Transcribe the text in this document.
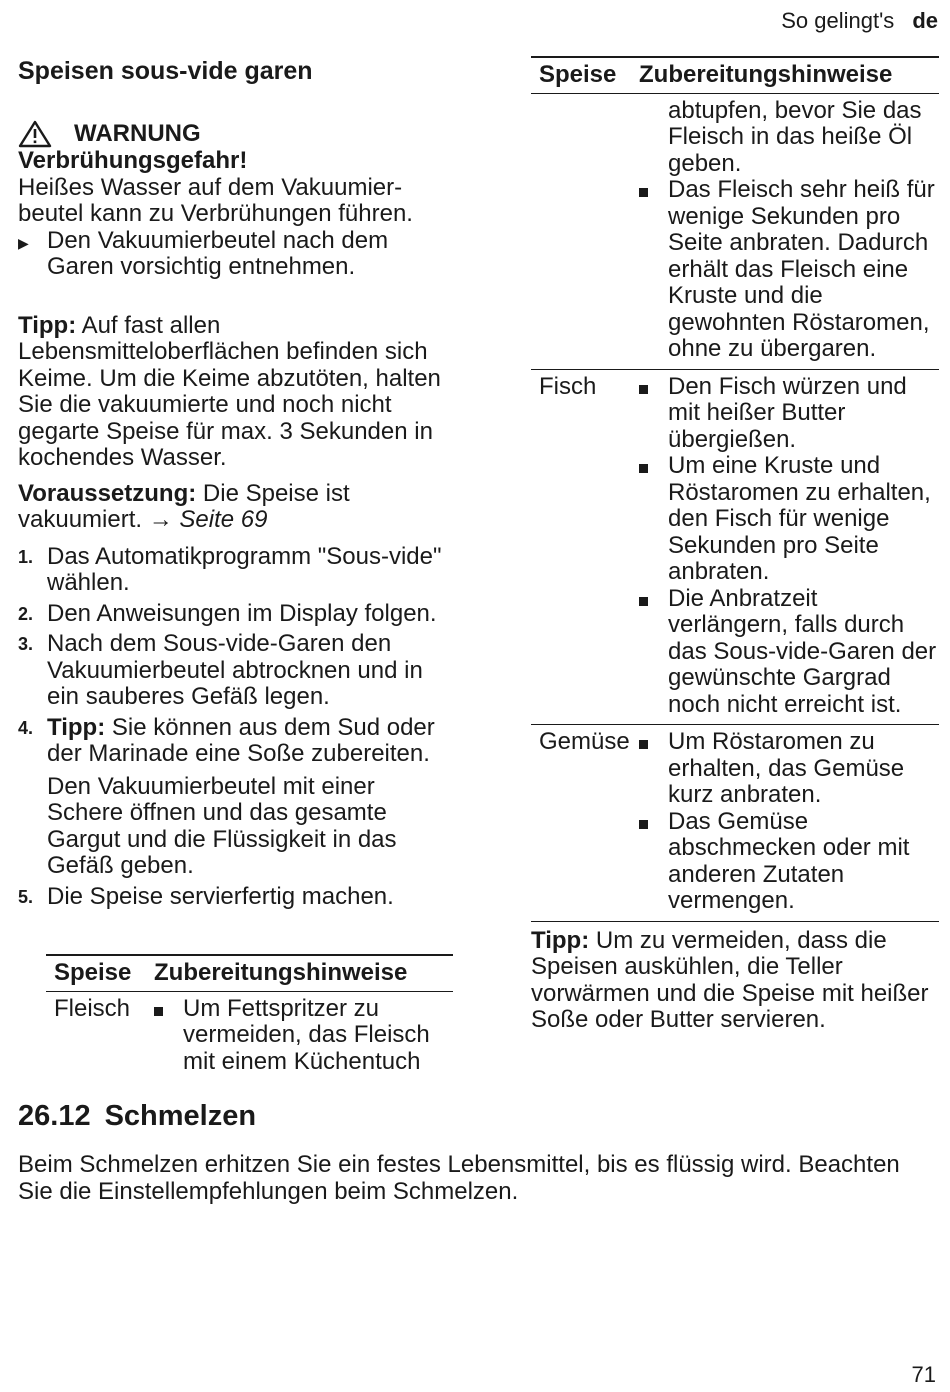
So gelingt's de
Speisen sous-vide garen
WARNUNG

Verbrühungsgefahr!

Heißes Wasser auf dem Vakuumier-beutel kann zu Verbrühungen führen.

▶ Den Vakuumierbeutel nach dem Garen vorsichtig entnehmen.

Tipp: Auf fast allen Lebensmitteloberflächen befinden sich Keime. Um die Keime abzutöten, halten Sie die vakuumierte und noch nicht gegarte Speise für max. 3 Sekunden in kochendes Wasser.

Voraussetzung: Die Speise ist vakuumiert. → Seite 69

1. Das Automatikprogramm "Sous-vide" wählen.
2. Den Anweisungen im Display folgen.
3. Nach dem Sous-vide-Garen den Vakuumierbeutel abtrocknen und in ein sauberes Gefäß legen.
4. Tipp: Sie können aus dem Sud oder der Marinade eine Soße zubereiten.

Den Vakuumierbeutel mit einer Schere öffnen und das gesamte Gargut und die Flüssigkeit in das Gefäß geben.

5. Die Speise servierfertig machen.
Speise	Zubereitungshinweise
Fleisch	Um Fettspritzer zu vermeiden, das Fleisch mit einem Küchentuch
Speise	Zubereitungshinweise

	abtupfen, bevor Sie das Fleisch in das heiße Öl geben.
Das Fleisch sehr heiß für wenige Sekunden pro Seite anbraten. Dadurch erhält das Fleisch eine Kruste und die gewohnten Röstaromen, ohne zu übergaren.

Fisch	Den Fisch würzen und mit heißer Butter übergießen.
Um eine Kruste und Röstaromen zu erhalten, den Fisch für wenige Sekunden pro Seite anbraten.
Die Anbratzeit verlängern, falls durch das Sous-vide-Garen der gewünschte Gargrad noch nicht erreicht ist.

Gemüse	Um Röstaromen zu erhalten, das Gemüse kurz anbraten.
Das Gemüse abschmecken oder mit anderen Zutaten vermengen.

Tipp: Um zu vermeiden, dass die Speisen auskühlen, die Teller vorwärmen und die Speise mit heißer Soße oder Butter servieren.

26.12 Schmelzen

Beim Schmelzen erhitzen Sie ein festes Lebensmittel, bis es flüssig wird. Beachten Sie die Einstellempfehlungen beim Schmelzen.

71
